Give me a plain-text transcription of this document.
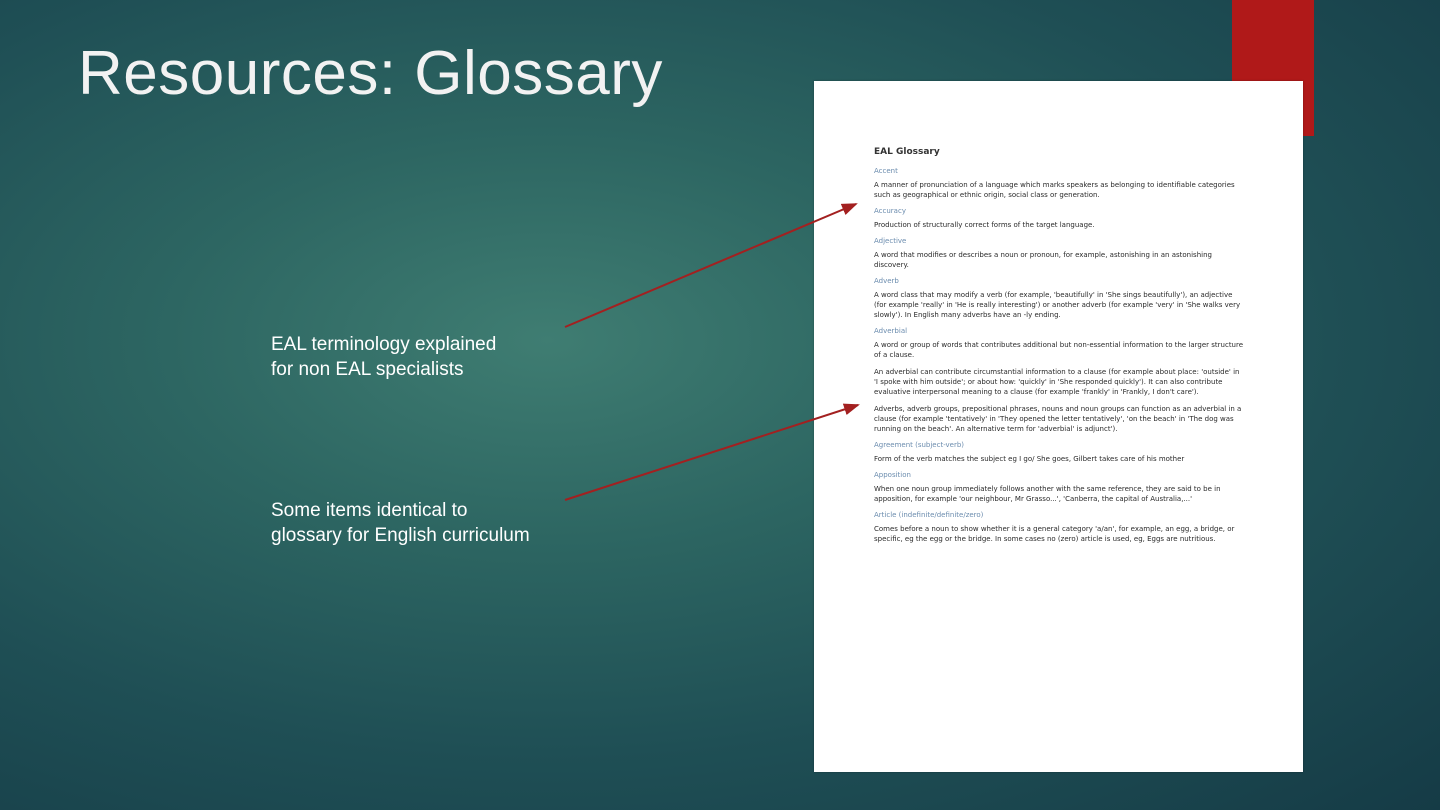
Resources: Glossary
EAL terminology explained
for non EAL specialists
Some items identical to
glossary for English curriculum
EAL Glossary
Accent
A manner of pronunciation of a language which marks speakers as belonging to identifiable categories such as geographical or ethnic origin, social class or generation.
Accuracy
Production of structurally correct forms of the target language.
Adjective
A word that modifies or describes a noun or pronoun, for example, astonishing in an astonishing discovery.
Adverb
A word class that may modify a verb (for example, 'beautifully' in 'She sings beautifully'), an adjective (for example 'really' in 'He is really interesting') or another adverb (for example 'very' in 'She walks very slowly'). In English many adverbs have an -ly ending.
Adverbial
A word or group of words that contributes additional but non-essential information to the larger structure of a clause.
An adverbial can contribute circumstantial information to a clause (for example about place: 'outside' in 'I spoke with him outside'; or about how: 'quickly' in 'She responded quickly'). It can also contribute evaluative interpersonal meaning to a clause (for example 'frankly' in 'Frankly, I don't care').
Adverbs, adverb groups, prepositional phrases, nouns and noun groups can function as an adverbial in a clause (for example 'tentatively' in 'They opened the letter tentatively', 'on the beach' in 'The dog was running on the beach'. An alternative term for 'adverbial' is adjunct').
Agreement (subject-verb)
Form of the verb matches the subject eg I go/ She goes, Gilbert takes care of his mother
Apposition
When one noun group immediately follows another with the same reference, they are said to be in apposition, for example 'our neighbour, Mr Grasso...', 'Canberra, the capital of Australia,...'
Article (indefinite/definite/zero)
Comes before a noun to show whether it is a general category 'a/an', for example, an egg, a bridge, or specific, eg the egg or the bridge. In some cases no (zero) article is used, eg, Eggs are nutritious.
